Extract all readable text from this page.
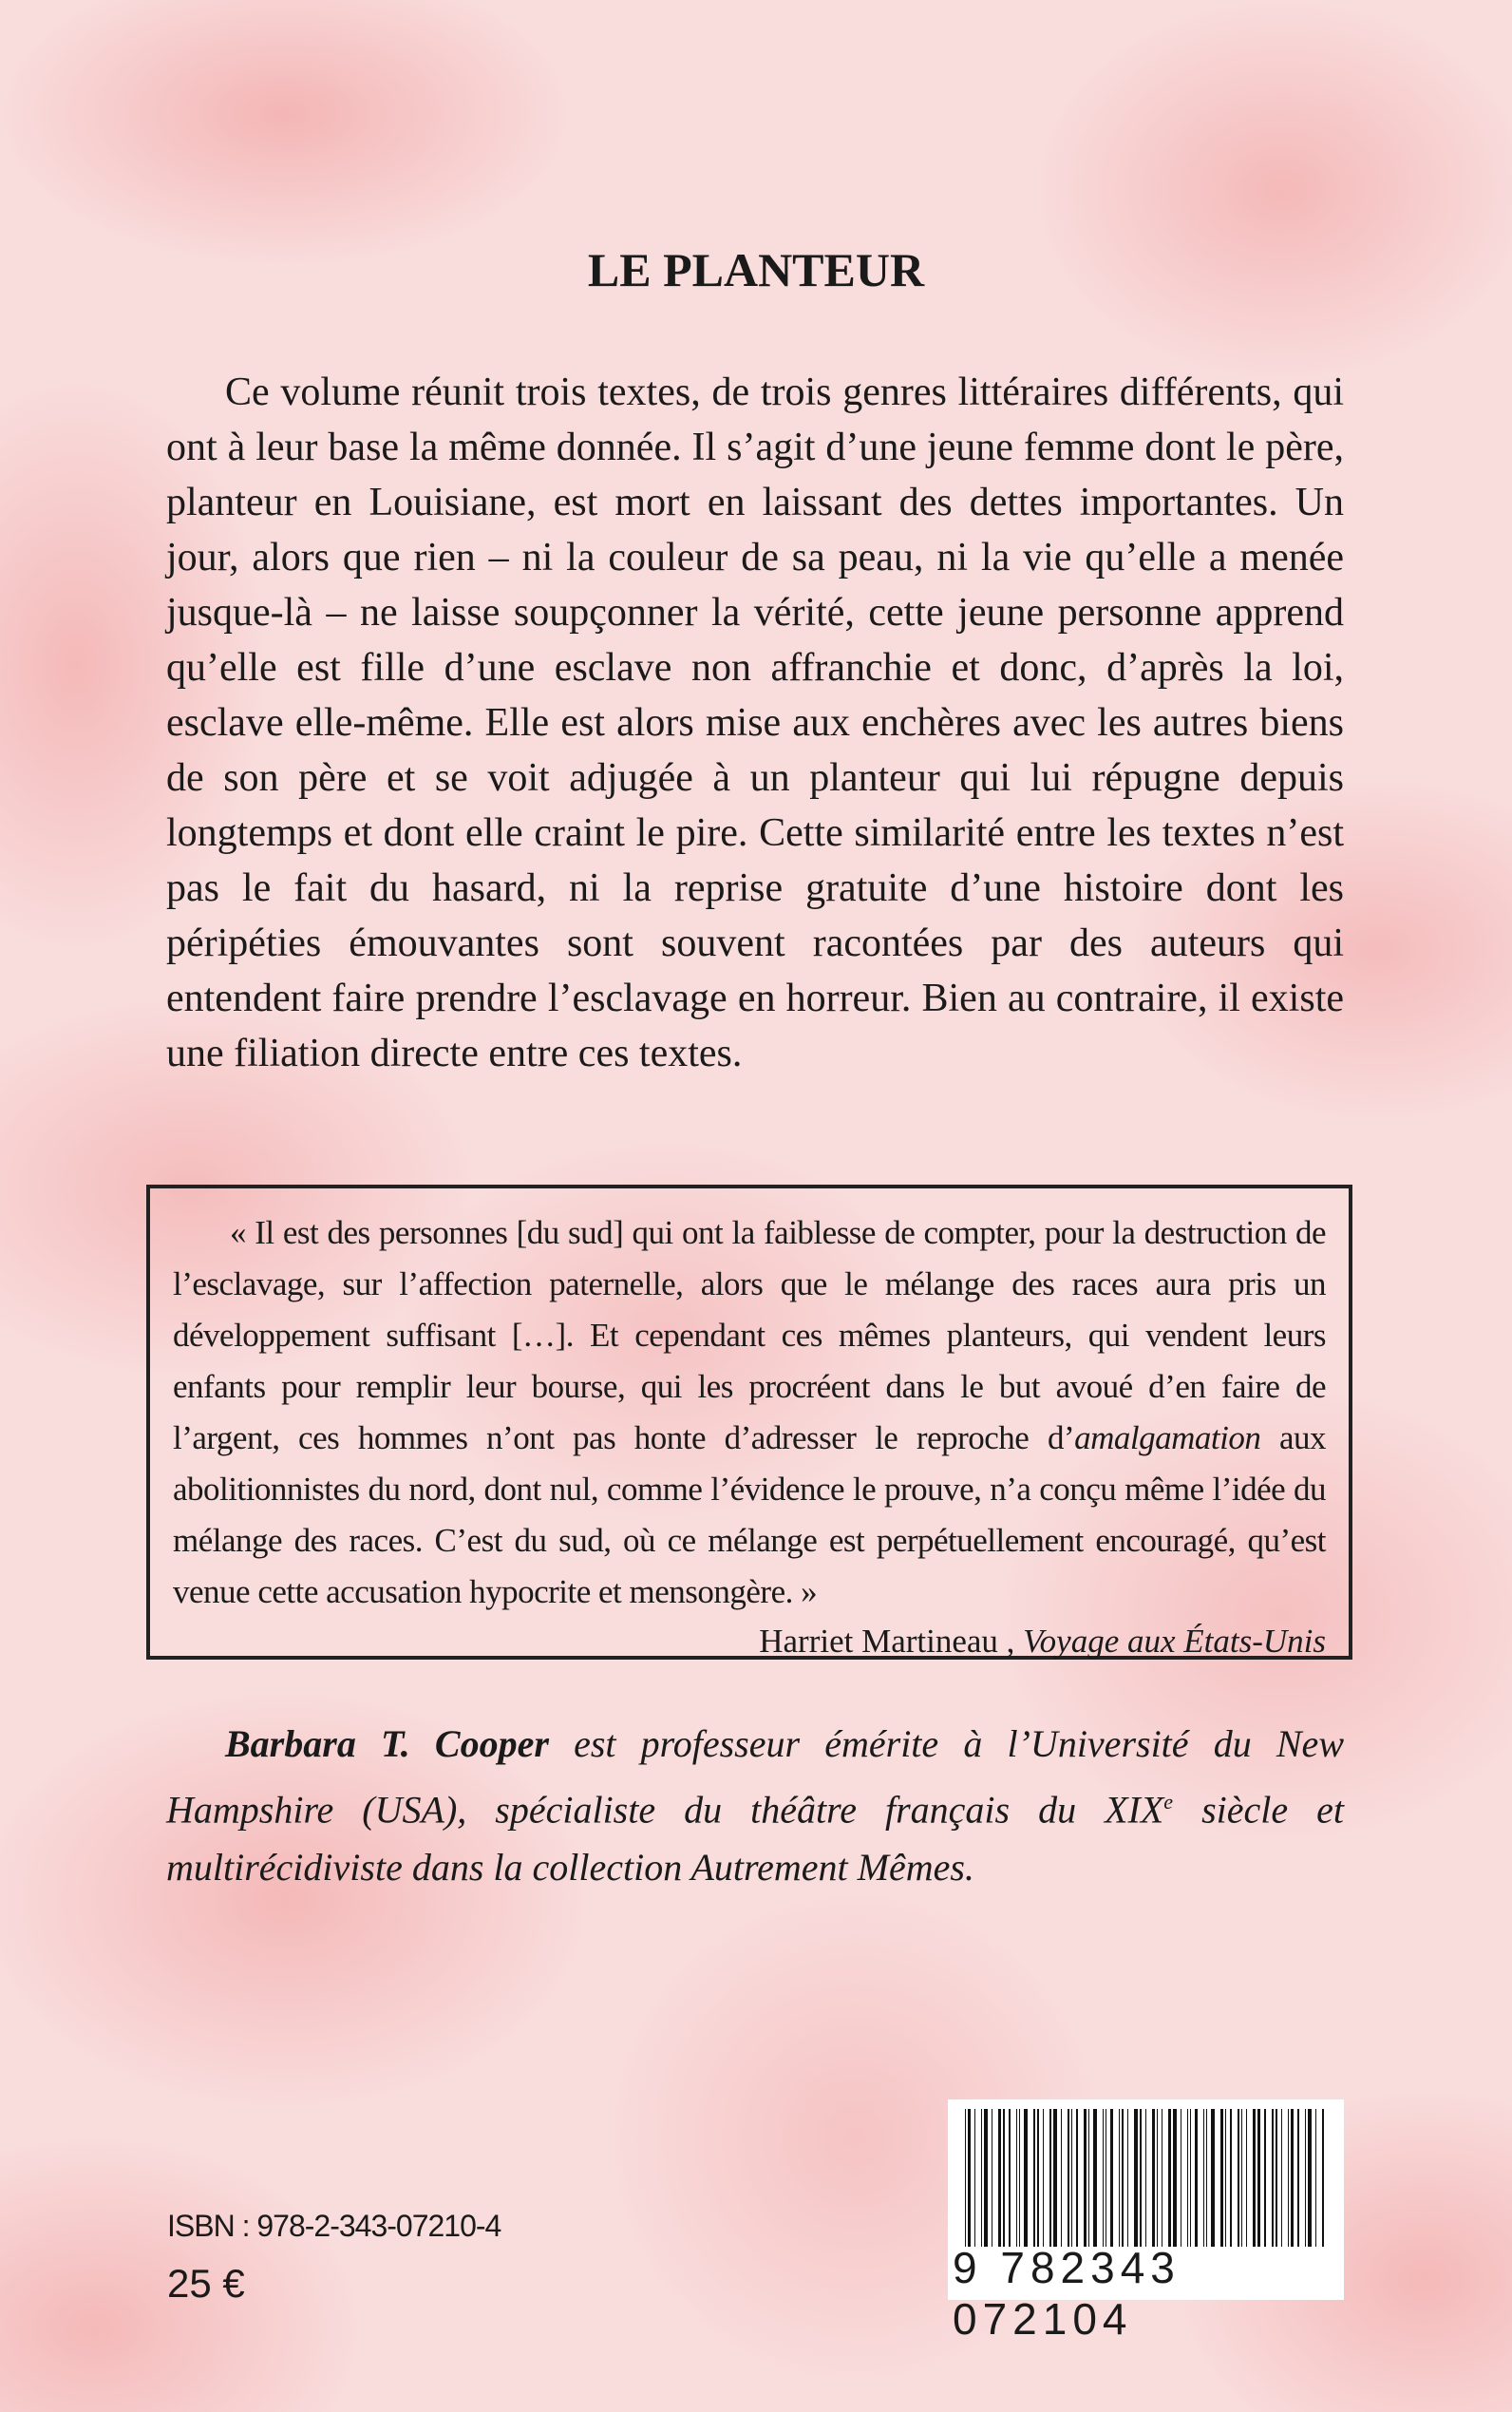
LE PLANTEUR

Ce volume réunit trois textes, de trois genres littéraires différents, qui ont à leur base la même donnée. Il s’agit d’une jeune femme dont le père, planteur en Louisiane, est mort en laissant des dettes importantes. Un jour, alors que rien – ni la couleur de sa peau, ni la vie qu’elle a menée jusque-là – ne laisse soupçonner la vérité, cette jeune personne apprend qu’elle est fille d’une esclave non affranchie et donc, d’après la loi, esclave elle-même. Elle est alors mise aux enchères avec les autres biens de son père et se voit adjugée à un planteur qui lui répugne depuis longtemps et dont elle craint le pire. Cette similarité entre les textes n’est pas le fait du hasard, ni la reprise gratuite d’une histoire dont les péripéties émouvantes sont souvent racontées par des auteurs qui entendent faire prendre l’esclavage en horreur. Bien au contraire, il existe une filiation directe entre ces textes.

« Il est des personnes [du sud] qui ont la faiblesse de compter, pour la destruction de l’esclavage, sur l’affection paternelle, alors que le mélange des races aura pris un développement suffisant […]. Et cependant ces mêmes planteurs, qui vendent leurs enfants pour remplir leur bourse, qui les procréent dans le but avoué d’en faire de l’argent, ces hommes n’ont pas honte d’adresser le reproche d’amalgamation aux abolitionnistes du nord, dont nul, comme l’évidence le prouve, n’a conçu même l’idée du mélange des races. C’est du sud, où ce mélange est perpétuellement encouragé, qu’est venue cette accusation hypocrite et mensongère. »

Harriet Martineau , Voyage aux États-Unis

Barbara T. Cooper est professeur émérite à l’Université du New Hampshire (USA), spécialiste du théâtre français du XIXe siècle et multirécidiviste dans la collection Autrement Mêmes.

ISBN : 978-2-343-07210-4
25 €	9 782343 072104
